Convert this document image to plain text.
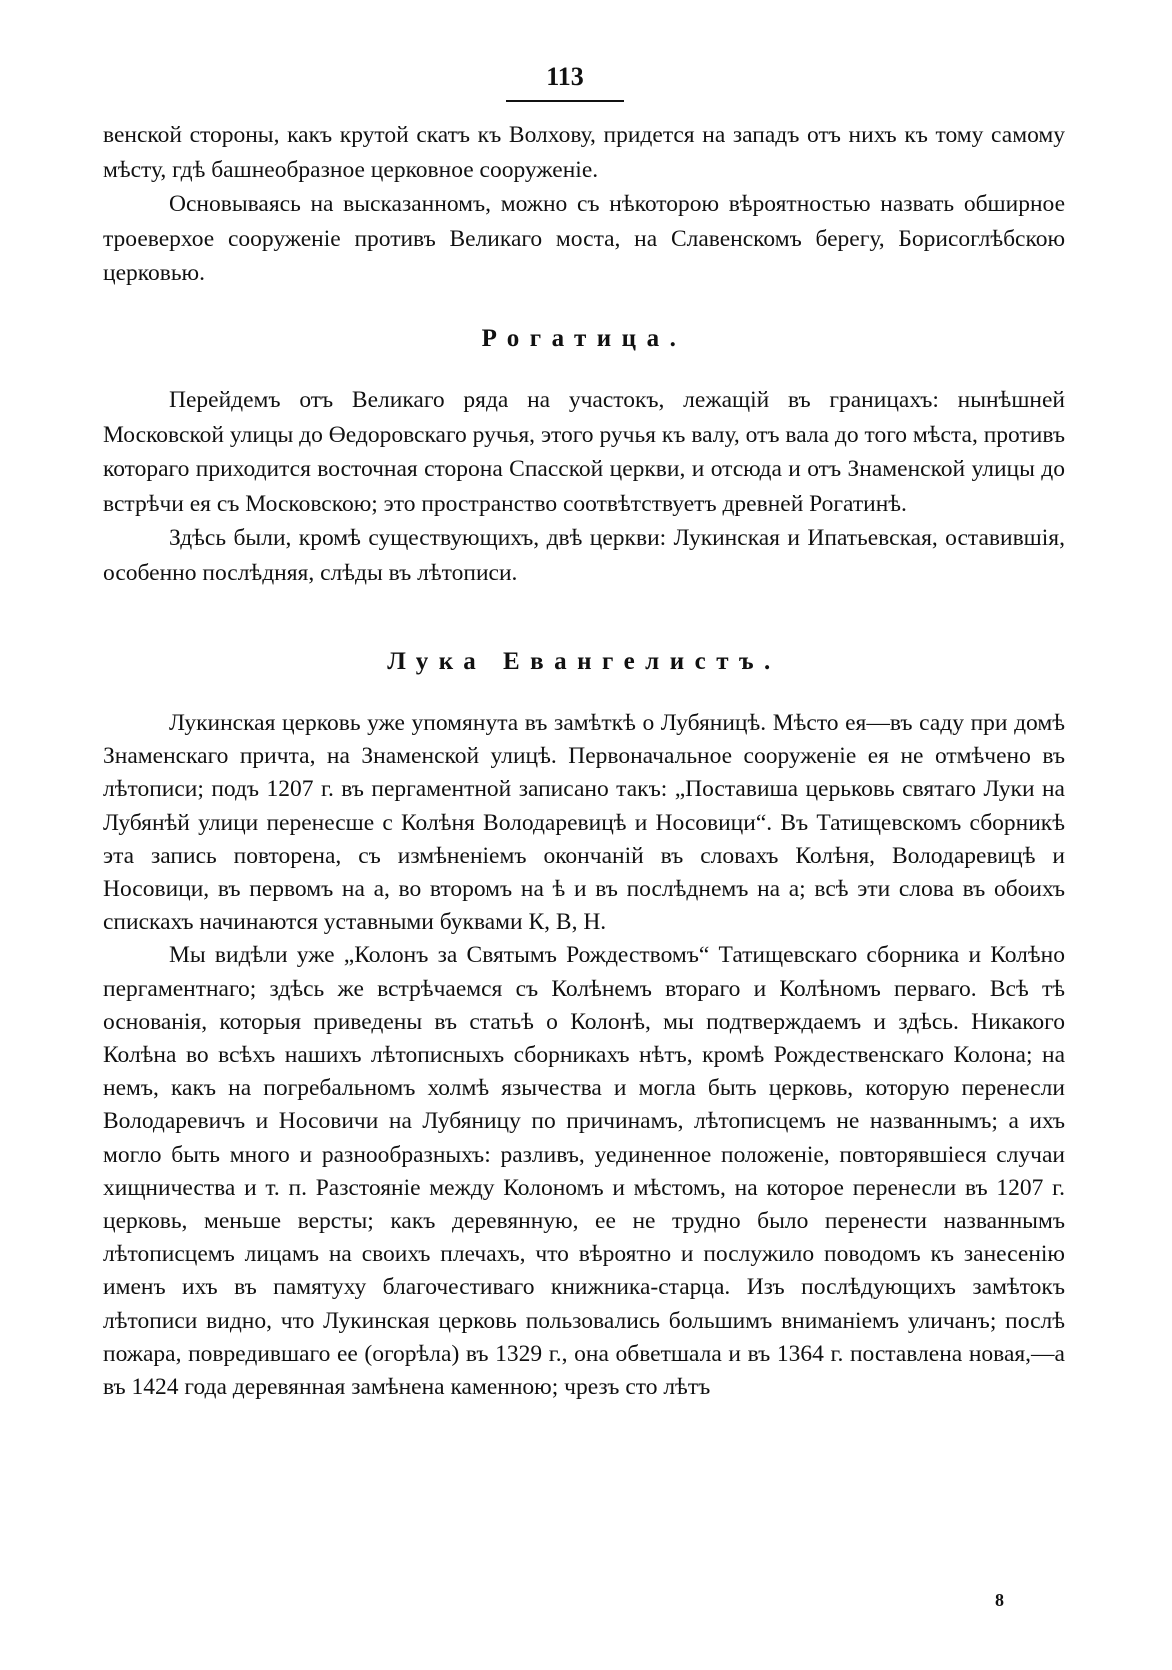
113

венской стороны, какъ крутой скатъ къ Волхову, придется на западъ отъ нихъ къ тому самому мѣсту, гдѣ башнеобразное церковное сооруженіе.

Основываясь на высказанномъ, можно съ нѣкоторою вѣроятностью назвать обширное троеверхое сооруженіе противъ Великаго моста, на Славенскомъ берегу, Борисоглѣбскою церковью.

Рогатица.

Перейдемъ отъ Великаго ряда на участокъ, лежащій въ границахъ: нынѣшней Московской улицы до Өедоровскаго ручья, этого ручья къ валу, отъ вала до того мѣста, противъ котораго приходится восточная сторона Спасской церкви, и отсюда и отъ Знаменской улицы до встрѣчи ея съ Московскою; это пространство соотвѣтствуетъ древней Рогатинѣ.

Здѣсь были, кромѣ существующихъ, двѣ церкви: Лукинская и Ипатьевская, оставившія, особенно послѣдняя, слѣды въ лѣтописи.

Лука Евангелистъ.

Лукинская церковь уже упомянута въ замѣткѣ о Лубяницѣ. Мѣсто ея—въ саду при домѣ Знаменскаго причта, на Знаменской улицѣ. Первоначальное сооруженіе ея не отмѣчено въ лѣтописи; подъ 1207 г. въ пергаментной записано такъ: „Поставиша церьковь святаго Луки на Лубянѣй улици перенесше с Колѣня Володаревицѣ и Носовици“. Въ Татищевскомъ сборникѣ эта запись повторена, съ измѣненіемъ окончаній въ словахъ Колѣня, Володаревицѣ и Носовици, въ первомъ на а, во второмъ на ѣ и въ послѣднемъ на а; всѣ эти слова въ обоихъ спискахъ начинаются уставными буквами К, В, Н.

Мы видѣли уже „Колонъ за Святымъ Рождествомъ“ Татищевскаго сборника и Колѣно пергаментнаго; здѣсь же встрѣчаемся съ Колѣнемъ втораго и Колѣномъ перваго. Всѣ тѣ основанія, которыя приведены въ статьѣ о Колонѣ, мы подтверждаемъ и здѣсь. Никакого Колѣна во всѣхъ нашихъ лѣтописныхъ сборникахъ нѣтъ, кромѣ Рождественскаго Колона; на немъ, какъ на погребальномъ холмѣ язычества и могла быть церковь, которую перенесли Володаревичъ и Носовичи на Лубяницу по причинамъ, лѣтописцемъ не названнымъ; а ихъ могло быть много и разнообразныхъ: разливъ, уединенное положеніе, повторявшіеся случаи хищничества и т. п. Разстояніе между Колономъ и мѣстомъ, на которое перенесли въ 1207 г. церковь, меньше версты; какъ деревянную, ее не трудно было перенести названнымъ лѣтописцемъ лицамъ на своихъ плечахъ, что вѣроятно и послужило поводомъ къ занесенію именъ ихъ въ памятуху благочестиваго книжника-старца. Изъ послѣдующихъ замѣтокъ лѣтописи видно, что Лукинская церковь пользовались большимъ вниманіемъ уличанъ; послѣ пожара, повредившаго ее (огорѣла) въ 1329 г., она обветшала и въ 1364 г. поставлена новая,—а въ 1424 года деревянная замѣнена каменною; чрезъ сто лѣтъ

8
